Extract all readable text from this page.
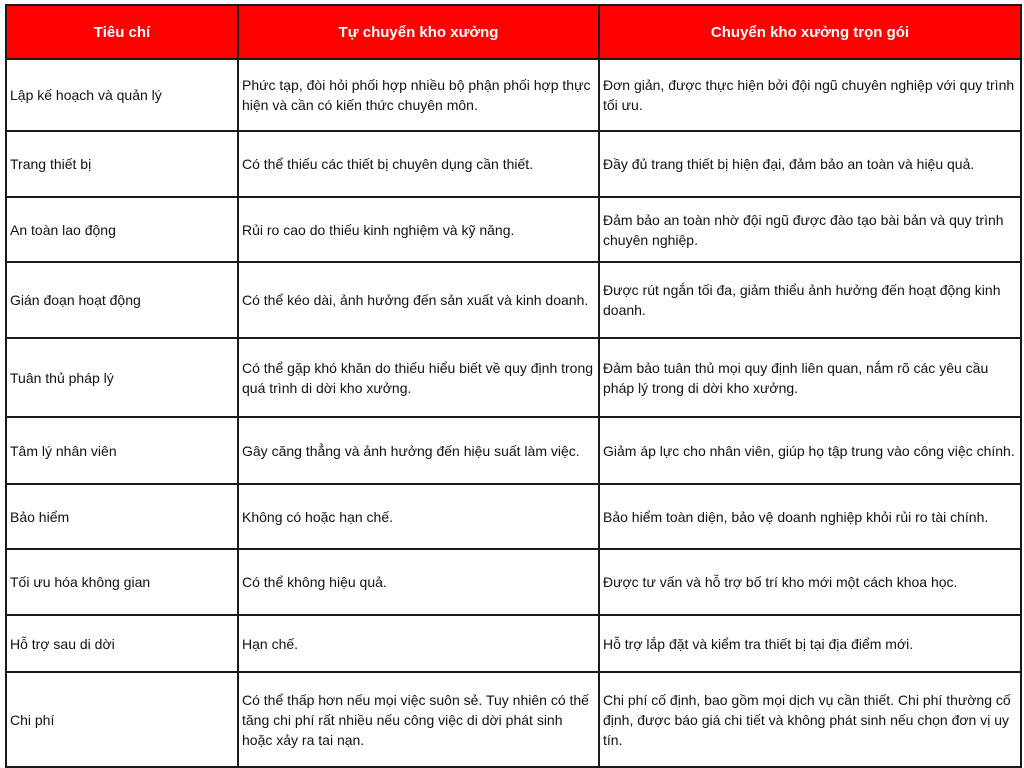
Tiêu chí	Tự chuyển kho xưởng	Chuyển kho xưởng trọn gói
Lập kế hoạch và quản lý	Phức tạp, đòi hỏi phối hợp nhiều bộ phận phối hợp thực hiện và cần có kiến thức chuyên môn.	Đơn giản, được thực hiện bởi đội ngũ chuyên nghiệp với quy trình tối ưu.
Trang thiết bị	Có thể thiếu các thiết bị chuyên dụng cần thiết.	Đầy đủ trang thiết bị hiện đại, đảm bảo an toàn và hiệu quả.
An toàn lao động	Rủi ro cao do thiếu kinh nghiệm và kỹ năng.	Đảm bảo an toàn nhờ đội ngũ được đào tạo bài bản và quy trình chuyên nghiệp.
Gián đoạn hoạt động	Có thể kéo dài, ảnh hưởng đến sản xuất và kinh doanh.	Được rút ngắn tối đa, giảm thiểu ảnh hưởng đến hoạt động kinh doanh.
Tuân thủ pháp lý	Có thể gặp khó khăn do thiếu hiểu biết về quy định trong quá trình di dời kho xưởng.	Đảm bảo tuân thủ mọi quy định liên quan, nắm rõ các yêu cầu pháp lý trong di dời kho xưởng.
Tâm lý nhân viên	Gây căng thẳng và ảnh hưởng đến hiệu suất làm việc.	Giảm áp lực cho nhân viên, giúp họ tập trung vào công việc chính.
Bảo hiểm	Không có hoặc hạn chế.	Bảo hiểm toàn diện, bảo vệ doanh nghiệp khỏi rủi ro tài chính.
Tối ưu hóa không gian	Có thể không hiệu quả.	Được tư vấn và hỗ trợ bố trí kho mới một cách khoa học.
Hỗ trợ sau di dời	Hạn chế.	Hỗ trợ lắp đặt và kiểm tra thiết bị tại địa điểm mới.
Chi phí	Có thể thấp hơn nếu mọi việc suôn sẻ. Tuy nhiên có thế tăng chi phí rất nhiều nếu công việc di dời phát sinh hoặc xảy ra tai nạn.	Chi phí cố định, bao gồm mọi dịch vụ cần thiết. Chi phí thường cố định, được báo giá chi tiết và không phát sinh nếu chọn đơn vị uy tín.
